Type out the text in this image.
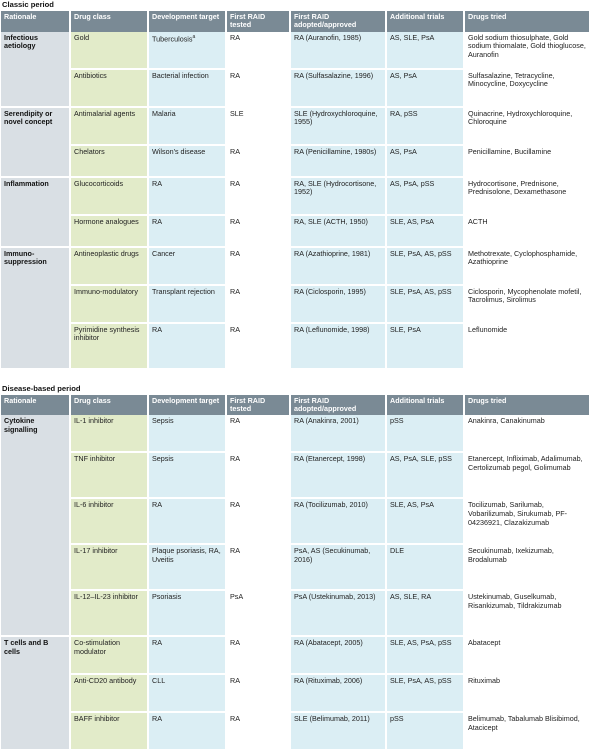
Classic period
Rationale	Drug class	Development target	First RAID tested	First RAID adopted/approved	Additional trials	Drugs tried
Infectious aetiology	Gold	Tuberculosis$^a$	RA	RA (Auranofin, 1985)	AS, SLE, PsA	Gold sodium thiosulphate, Gold sodium thiomalate, Gold thioglucose, Auranofin
	Antibiotics	Bacterial infection	RA	RA (Sulfasalazine, 1996)	AS, PsA	Sulfasalazine, Tetracycline, Minocycline, Doxycycline
Serendipity or novel concept	Antimalarial agents	Malaria	SLE	SLE (Hydroxychloroquine, 1955)	RA, pSS	Quinacrine, Hydroxychloroquine, Chloroquine
	Chelators	Wilson's disease	RA	RA (Penicillamine, 1980s)	AS, PsA	Penicillamine, Bucillamine
Inflammation	Glucocorticoids	RA	RA	RA, SLE (Hydrocortisone, 1952)	AS, PsA, pSS	Hydrocortisone, Prednisone, Prednisolone, Dexamethasone
	Hormone analogues	RA	RA	RA, SLE (ACTH, 1950)	SLE, AS, PsA	ACTH
Immuno-suppression	Antineoplastic drugs	Cancer	RA	RA (Azathioprine, 1981)	SLE, PsA, AS, pSS	Methotrexate, Cyclophosphamide, Azathioprine
	Immuno-modulatory	Transplant rejection	RA	RA (Ciclosporin, 1995)	SLE, PsA, AS, pSS	Ciclosporin, Mycophenolate mofetil, Tacrolimus, Sirolimus
	Pyrimidine synthesis inhibitor	RA	RA	RA (Leflunomide, 1998)	SLE, PsA	Leflunomide
Disease-based period
Rationale	Drug class	Development target	First RAID tested	First RAID adopted/approved	Additional trials	Drugs tried
Cytokine signalling	IL-1 inhibitor	Sepsis	RA	RA (Anakinra, 2001)	pSS	Anakinra, Canakinumab
	TNF inhibitor	Sepsis	RA	RA (Etanercept, 1998)	AS, PsA, SLE, pSS	Etanercept, Infliximab, Adalimumab, Certolizumab pegol, Golimumab
	IL-6 inhibitor	RA	RA	RA (Tocilizumab, 2010)	SLE, AS, PsA	Tocilizumab, Sarilumab, Vobarilizumab, Sirukumab, PF-04236921, Clazakizumab
	IL-17 inhibitor	Plaque psoriasis, RA, Uveitis	RA	PsA, AS (Secukinumab, 2016)	DLE	Secukinumab, Ixekizumab, Brodalumab
	IL-12–IL-23 inhibitor	Psoriasis	PsA	PsA (Ustekinumab, 2013)	AS, SLE, RA	Ustekinumab, Guselkumab, Risankizumab, Tildrakizumab
T cells and B cells	Co-stimulation modulator	RA	RA	RA (Abatacept, 2005)	SLE, AS, PsA, pSS	Abatacept
	Anti-CD20 antibody	CLL	RA	RA (Rituximab, 2006)	SLE, PsA, AS, pSS	Rituximab
	BAFF inhibitor	RA	RA	SLE (Belimumab, 2011)	pSS	Belimumab, Tabalumab Blisibimod, Atacicept
